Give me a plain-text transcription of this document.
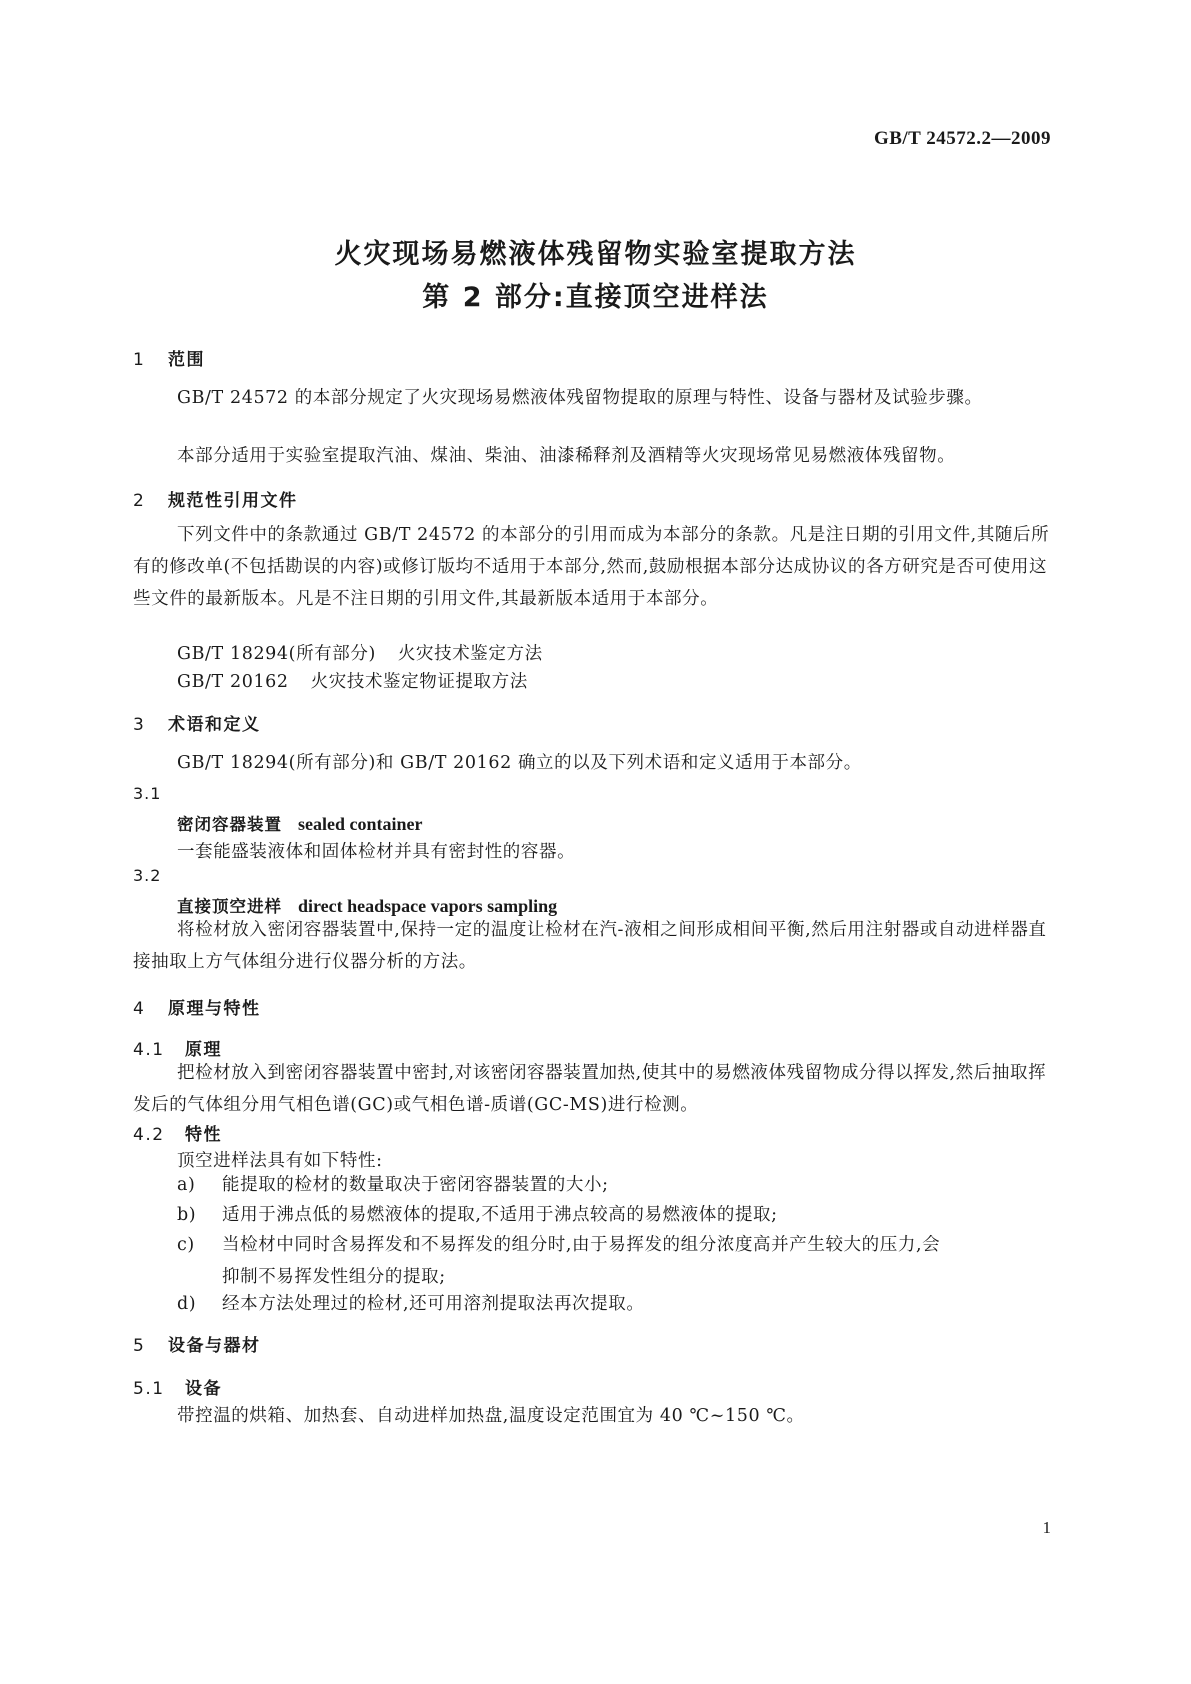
GB/T 24572.2—2009
火灾现场易燃液体残留物实验室提取方法
第 2 部分:直接顶空进样法
1 范围
GB/T 24572 的本部分规定了火灾现场易燃液体残留物提取的原理与特性、设备与器材及试验步骤。
本部分适用于实验室提取汽油、煤油、柴油、油漆稀释剂及酒精等火灾现场常见易燃液体残留物。
2 规范性引用文件
下列文件中的条款通过 GB/T 24572 的本部分的引用而成为本部分的条款。凡是注日期的引用文件,其随后所有的修改单(不包括勘误的内容)或修订版均不适用于本部分,然而,鼓励根据本部分达成协议的各方研究是否可使用这些文件的最新版本。凡是不注日期的引用文件,其最新版本适用于本部分。
GB/T 18294(所有部分) 火灾技术鉴定方法
GB/T 20162 火灾技术鉴定物证提取方法
3 术语和定义
GB/T 18294(所有部分)和 GB/T 20162 确立的以及下列术语和定义适用于本部分。
3.1
密闭容器装置 sealed container
一套能盛装液体和固体检材并具有密封性的容器。
3.2
直接顶空进样 direct headspace vapors sampling
将检材放入密闭容器装置中,保持一定的温度让检材在汽-液相之间形成相间平衡,然后用注射器或自动进样器直接抽取上方气体组分进行仪器分析的方法。
4 原理与特性
4.1 原理
把检材放入到密闭容器装置中密封,对该密闭容器装置加热,使其中的易燃液体残留物成分得以挥发,然后抽取挥发后的气体组分用气相色谱(GC)或气相色谱-质谱(GC-MS)进行检测。
4.2 特性
顶空进样法具有如下特性:
a) 能提取的检材的数量取决于密闭容器装置的大小;
b) 适用于沸点低的易燃液体的提取,不适用于沸点较高的易燃液体的提取;
c) 当检材中同时含易挥发和不易挥发的组分时,由于易挥发的组分浓度高并产生较大的压力,会
抑制不易挥发性组分的提取;
d) 经本方法处理过的检材,还可用溶剂提取法再次提取。
5 设备与器材
5.1 设备
带控温的烘箱、加热套、自动进样加热盘,温度设定范围宜为 40 ℃~150 ℃。
1
